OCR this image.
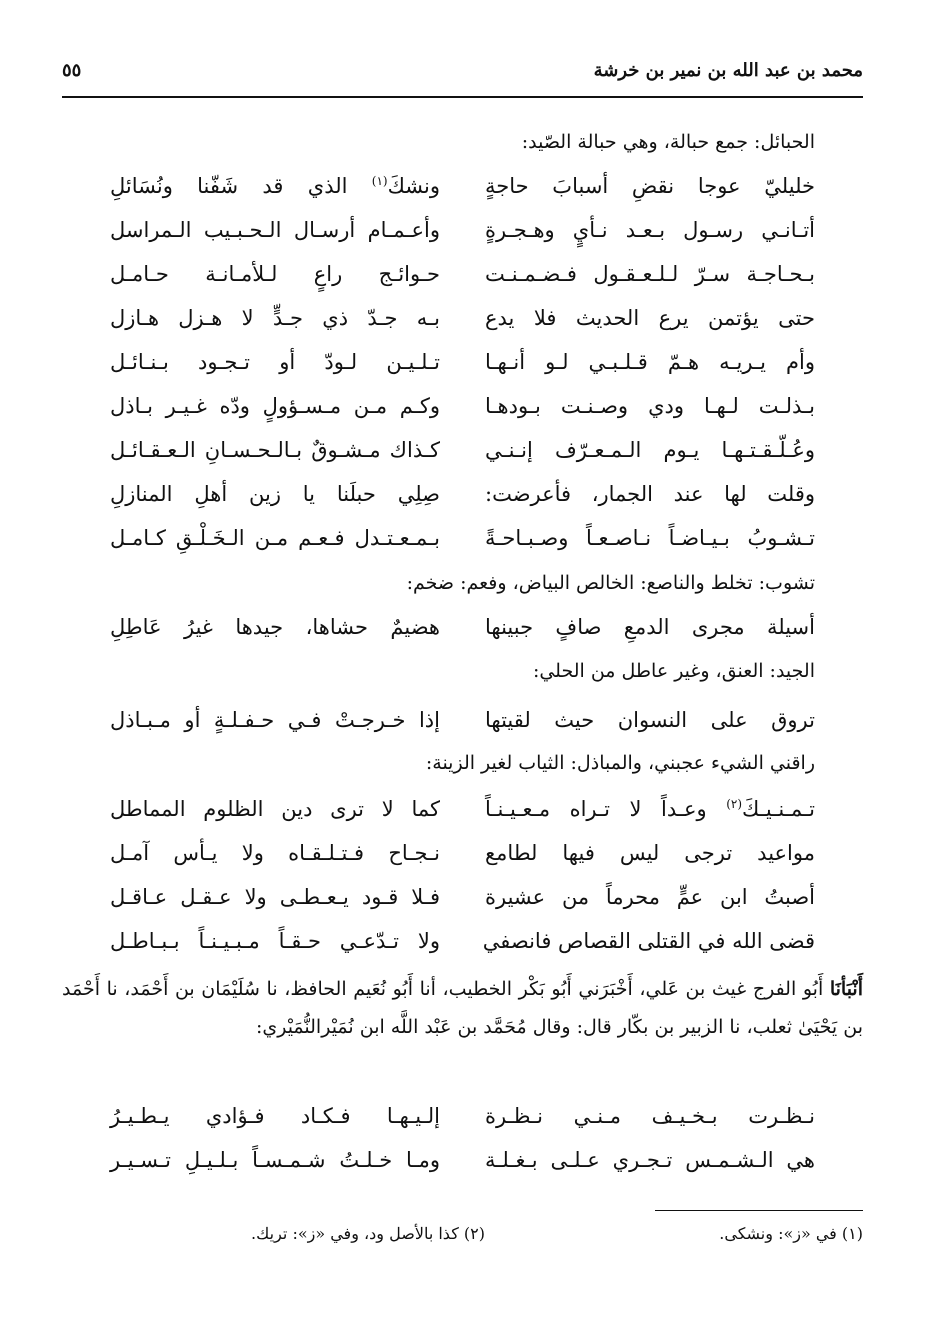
محمد بن عبد الله بن نمير بن خرشة
٥٥
الحبائل: جمع حبالة، وهي حبالة الصّيد:
خليليّ عوجا نقضِ أسبابَ حاجةٍ
ونشكَ$^{(١)}$ الذي قد شَفّنا ونُسَائلِ
أتـانـي رسـول بـعـد نـأيٍ وهـجـرةٍ
وأعـمـام أرسـال الـحـبـيب الـمراسل
بـحـاجـة سـرّ لـلـعـقـول فـضـمـنـت
حـوائـج راعٍ لـلأمـانـة حـامـل
حتى يؤتمن يرع الحديث فلا يدع
بـه جـدّ ذي جـدٍّ لا هـزل هـازل
وأم يـريـه هـمّ قـلـبـي لـو أنـهـا
تـلـيـن لـودّ أو تـجـود بـنـائـل
بـذلـت لـهـا ودي وصـنـت بـودهـا
وكـم مـن مـسـؤولٍ ودّه غـيـر بـاذل
وعُـلّـقـتـهـا يـوم الـمـعـرّف إنـنـي
كـذاك مـشـوقٌ بـالـحـسـانِ الـعـقـائـل
وقلت لها عند الجمار، فأعرضت:
صِلِي حبلَنا يا زين أهلِ المنازلِ
تـشـوبُ بـيـاضـاً نـاصـعـاً وصـبـاحـةً
بـمـعـتـدل فـعـم مـن الـخَـلْـقِ كـامـل
تشوب: تخلط والناصع: الخالص البياض، وفعم: ضخم:
أسيلة مجرى الدمعِ صافٍ جبينها
هضيمٌ حشاها، جيدها غيرُ عَاطِلِ
الجيد: العنق، وغير عاطل من الحلي:
تروق على النسوان حيث لقيتها
إذا خـرجـتْ فـي حـفـلـةٍ أو مـبـاذل
راقني الشيء عجبني، والمباذل: الثياب لغير الزينة:
تـمـنـيـكَ$^{(٢)}$ وعـداً لا تـراه مـعـيـنـاً
كما لا ترى دين الظلوم المماطل
مواعيد ترجى ليس فيها لطامع
نـجـاح فـتـلـقـاه ولا يـأس آمـل
أصبتُ ابن عمٍّ محرماً من عشيرة
فـلا قـود يـعـطـى ولا عـقـل عـاقـل
قضى الله في القتلى القصاص فانصفي
ولا تـدّعـي حـقـاً مـبـيـنـاً بـبـاطـل
أَنْبَأنَا أَبُو الفرج غيث بن عَلي، أَخْبَرَني أَبُو بَكْر الخطيب، أنا أَبُو نُعَيم الحافظ، نا سُلَيْمَان بن أَحْمَد، نا أَحْمَد بن يَحْيَىٰ ثعلب، نا الزبير بن بكّار قال: وقال مُحَمَّد بن عَبْد اللَّه ابن نُمَيْرالنُّمَيْري:
نـظـرت بـخـيـف مـنـي نـظـرة
إلـيـهـا فـكـاد فـؤادي يـطـيـرُ
هي الـشـمـس تـجـري عـلـى بـغـلـة
ومـا خـلـتُ شـمـسـاً بـلـيـلِ تـسـيـر
(١) في «ز»: ونشكى.
(٢) كذا بالأصل ود، وفي «ز»: تريك.
